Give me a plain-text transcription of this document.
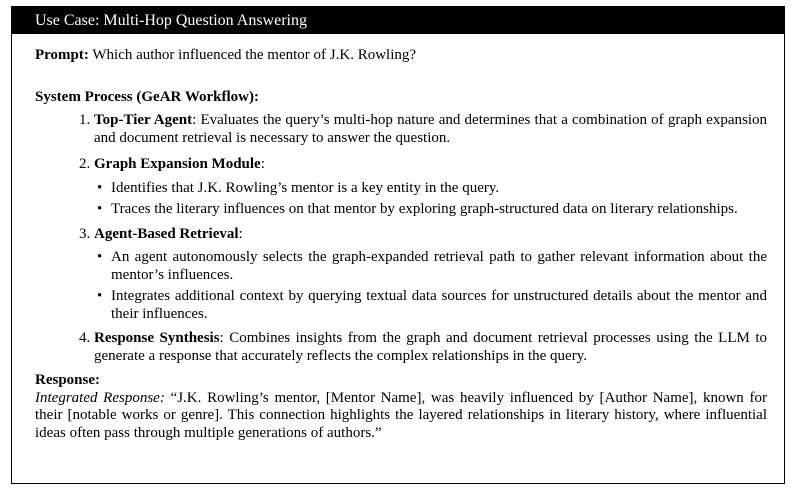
Use Case: Multi-Hop Question Answering
Prompt: Which author influenced the mentor of J.K. Rowling?
System Process (GeAR Workflow):
1. Top-Tier Agent: Evaluates the query’s multi-hop nature and determines that a combination of graph expansion and document retrieval is necessary to answer the question.
2. Graph Expansion Module:
• Identifies that J.K. Rowling’s mentor is a key entity in the query.
• Traces the literary influences on that mentor by exploring graph-structured data on literary relationships.
3. Agent-Based Retrieval:
• An agent autonomously selects the graph-expanded retrieval path to gather relevant information about the mentor’s influences.
• Integrates additional context by querying textual data sources for unstructured details about the mentor and their influences.
4. Response Synthesis: Combines insights from the graph and document retrieval processes using the LLM to generate a response that accurately reflects the complex relationships in the query.
Response:
Integrated Response: “J.K. Rowling’s mentor, [Mentor Name], was heavily influenced by [Author Name], known for their [notable works or genre]. This connection highlights the layered relationships in literary history, where influential ideas often pass through multiple generations of authors.”
